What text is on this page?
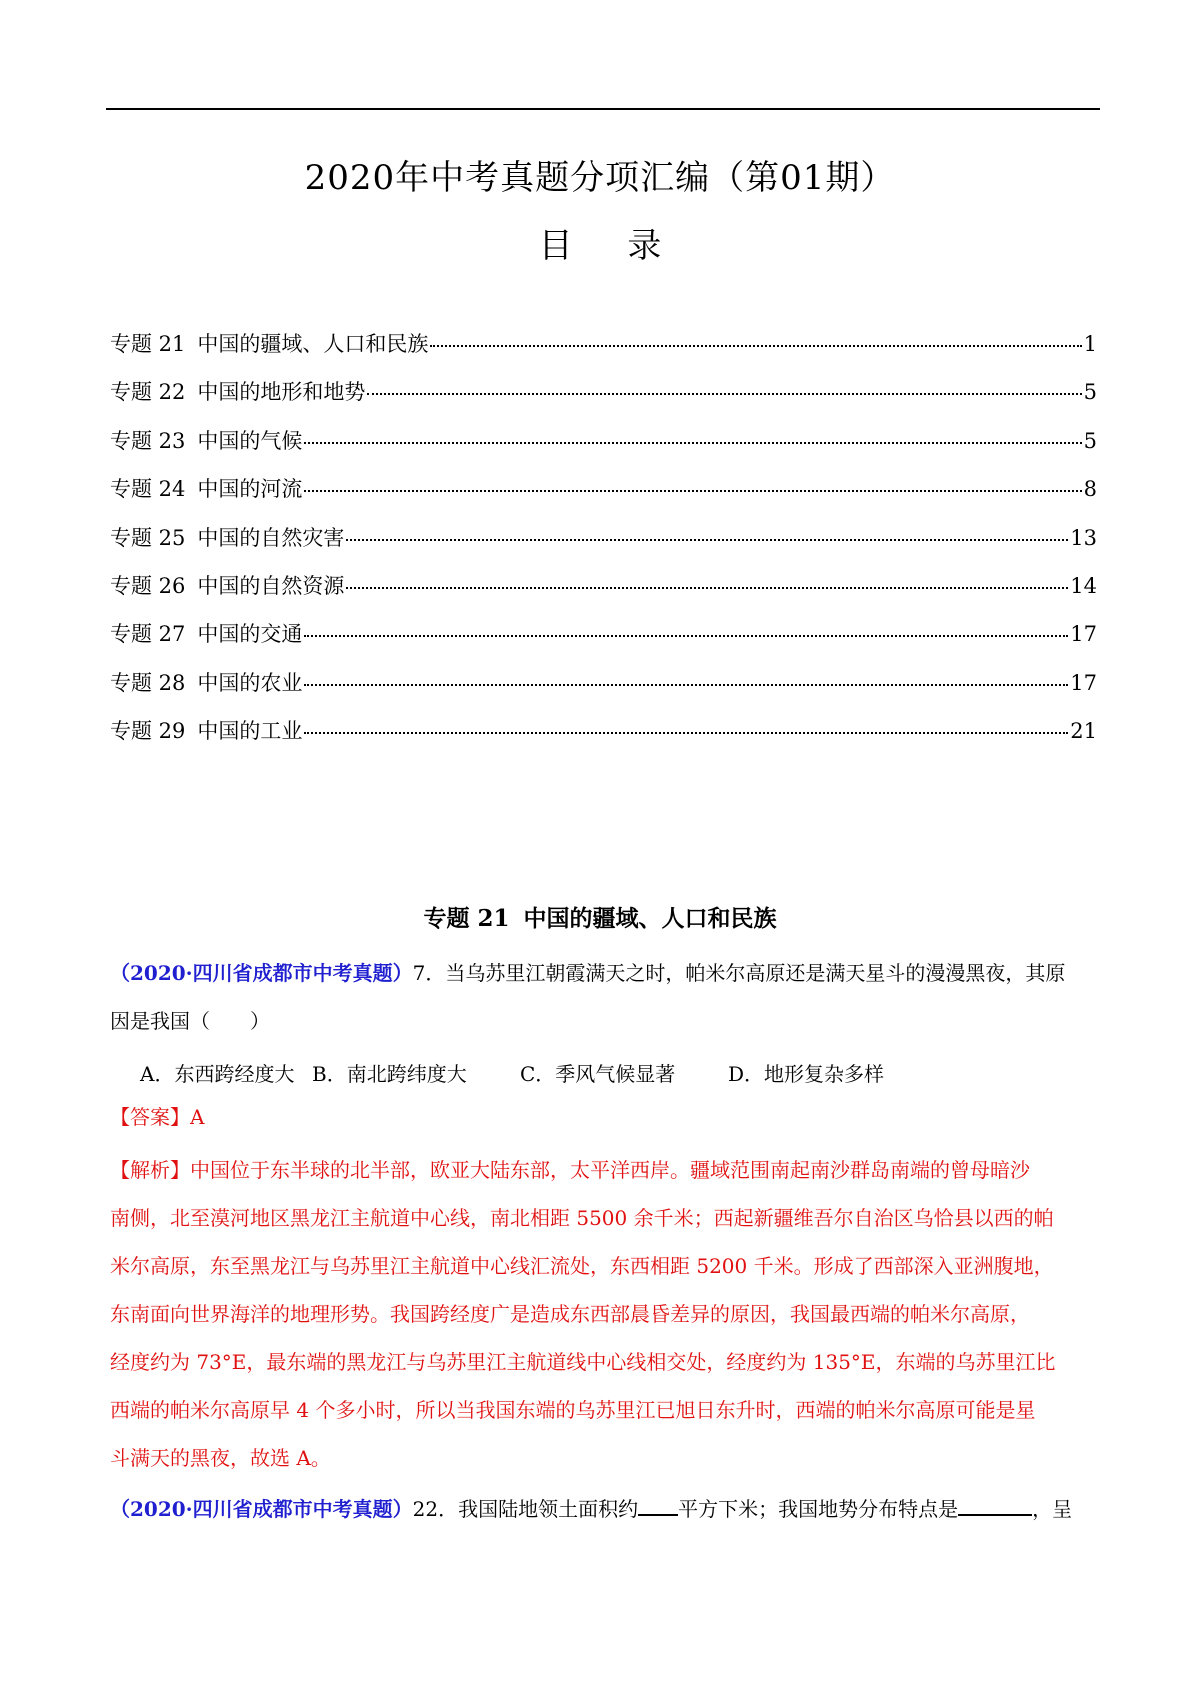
2020年中考真题分项汇编（第01期）
目 录
专题 21 中国的疆域、人口和民族	1
专题 22 中国的地形和地势	5
专题 23 中国的气候	5
专题 24 中国的河流	8
专题 25 中国的自然灾害	13
专题 26 中国的自然资源	14
专题 27 中国的交通	17
专题 28 中国的农业	17
专题 29 中国的工业	21
专题 21 中国的疆域、人口和民族
（2020·四川省成都市中考真题）7．当乌苏里江朝霞满天之时，帕米尔高原还是满天星斗的漫漫黑夜，其原
因是我国（　　）
A．东西跨经度大 B．南北跨纬度大	C．季风气候显著	D．地形复杂多样
【答案】A
【解析】中国位于东半球的北半部，欧亚大陆东部，太平洋西岸。疆域范围南起南沙群岛南端的曾母暗沙
南侧，北至漠河地区黑龙江主航道中心线，南北相距 5500 余千米；西起新疆维吾尔自治区乌恰县以西的帕
米尔高原，东至黑龙江与乌苏里江主航道中心线汇流处，东西相距 5200 千米。形成了西部深入亚洲腹地，
东南面向世界海洋的地理形势。我国跨经度广是造成东西部晨昏差异的原因，我国最西端的帕米尔高原，
经度约为 73°E，最东端的黑龙江与乌苏里江主航道线中心线相交处，经度约为 135°E，东端的乌苏里江比
西端的帕米尔高原早 4 个多小时，所以当我国东端的乌苏里江已旭日东升时，西端的帕米尔高原可能是星
斗满天的黑夜，故选 A。
（2020·四川省成都市中考真题）22．我国陆地领土面积约 平方下米；我国地势分布特点是	，呈
